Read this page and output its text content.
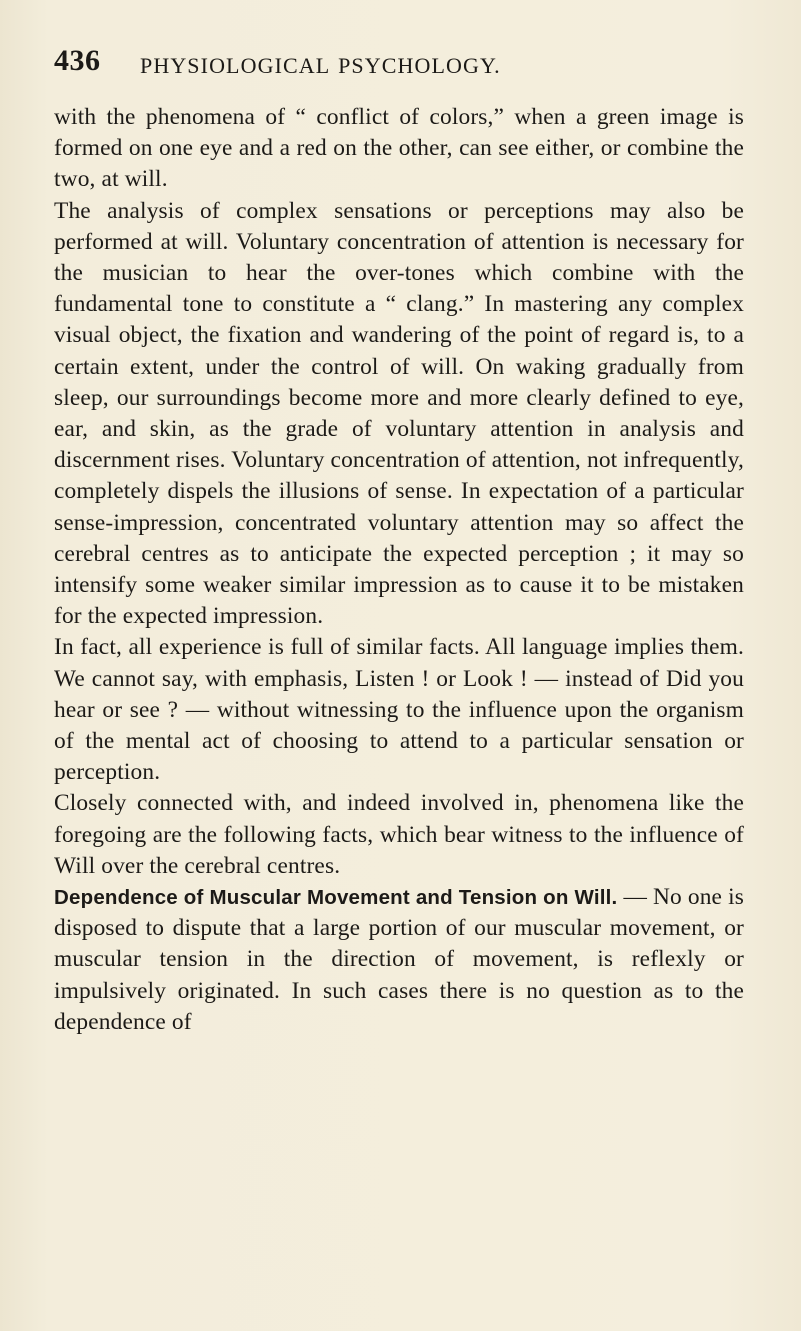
436 PHYSIOLOGICAL PSYCHOLOGY.

with the phenomena of “ conflict of colors,” when a green image is formed on one eye and a red on the other, can see either, or combine the two, at will.

The analysis of complex sensations or perceptions may also be performed at will. Voluntary concentration of attention is necessary for the musician to hear the over-tones which combine with the fundamental tone to constitute a “ clang.” In mastering any complex visual object, the fixation and wandering of the point of regard is, to a certain extent, under the control of will. On waking gradually from sleep, our surroundings become more and more clearly defined to eye, ear, and skin, as the grade of voluntary attention in analysis and discernment rises. Voluntary concentration of attention, not infrequently, completely dispels the illusions of sense. In expectation of a particular sense-impression, concentrated voluntary attention may so affect the cerebral centres as to anticipate the expected perception ; it may so intensify some weaker similar impression as to cause it to be mistaken for the expected impression.

In fact, all experience is full of similar facts. All language implies them. We cannot say, with emphasis, Listen ! or Look ! — instead of Did you hear or see ? — without witnessing to the influence upon the organism of the mental act of choosing to attend to a particular sensation or perception.

Closely connected with, and indeed involved in, phenomena like the foregoing are the following facts, which bear witness to the influence of Will over the cerebral centres.

Dependence of Muscular Movement and Tension on Will. — No one is disposed to dispute that a large portion of our muscular movement, or muscular tension in the direction of movement, is reflexly or impulsively originated. In such cases there is no question as to the dependence of
